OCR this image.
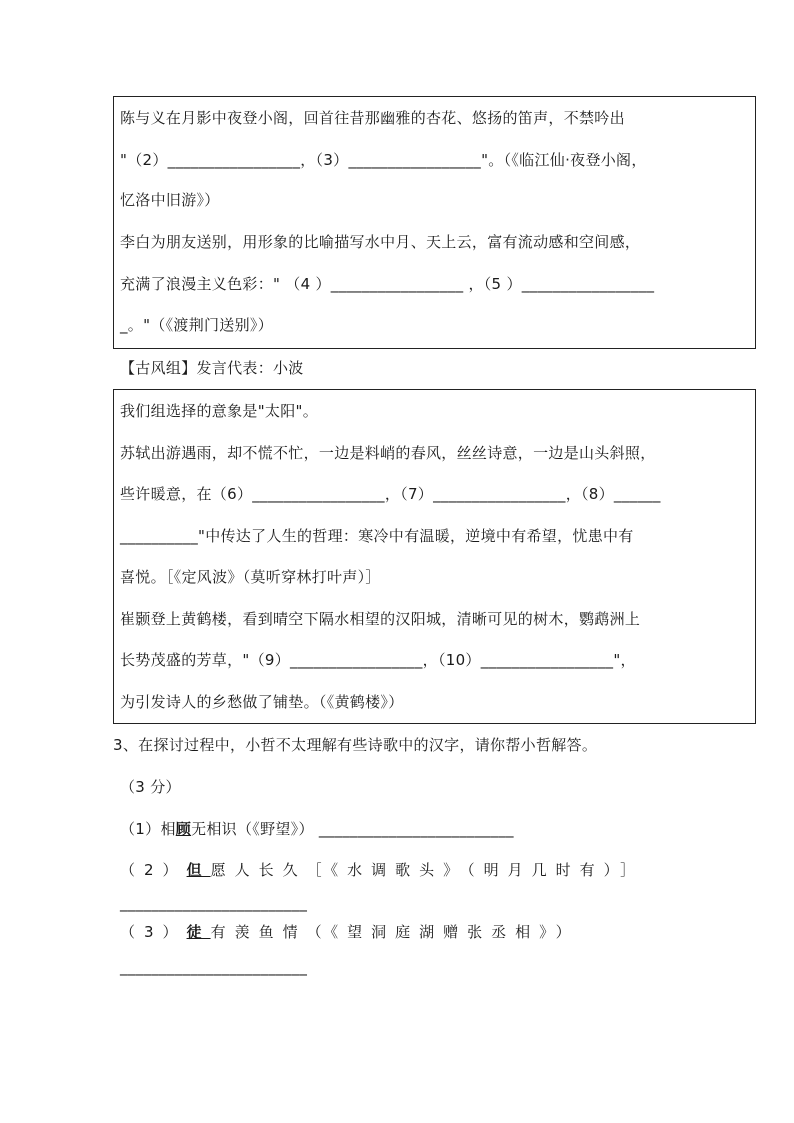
陈与义在月影中夜登小阁，回首往昔那幽雅的杏花、悠扬的笛声，不禁吟出
"（2）_________________，（3）_________________"。（《临江仙·夜登小阁，
忆洛中旧游》）
李白为朋友送别，用形象的比喻描写水中月、天上云，富有流动感和空间感，
充满了浪漫主义色彩：" （4 ）_________________ ，（5 ）_________________
_。"（《渡荆门送别》）
【古风组】发言代表：小波
我们组选择的意象是"太阳"。
苏轼出游遇雨，却不慌不忙，一边是料峭的春风，丝丝诗意，一边是山头斜照，
些许暖意，在（6）_________________，（7）_________________，（8）______
__________"中传达了人生的哲理：寒冷中有温暖，逆境中有希望，忧患中有
喜悦。［《定风波》（莫听穿林打叶声）］
崔颢登上黄鹤楼，看到晴空下隔水相望的汉阳城，清晰可见的树木，鹦鹉洲上
长势茂盛的芳草，"（9）_________________，（10）_________________"，
为引发诗人的乡愁做了铺垫。（《黄鹤楼》）
3、在探讨过程中，小哲不太理解有些诗歌中的汉字，请你帮小哲解答。
（3 分）
（1）相顾无相识（《野望》） _________________________
（2）但愿人长久［《水调歌头》（明月几时有）］
________________________
（3）徒有羡鱼情（《望洞庭湖赠张丞相》）
________________________
